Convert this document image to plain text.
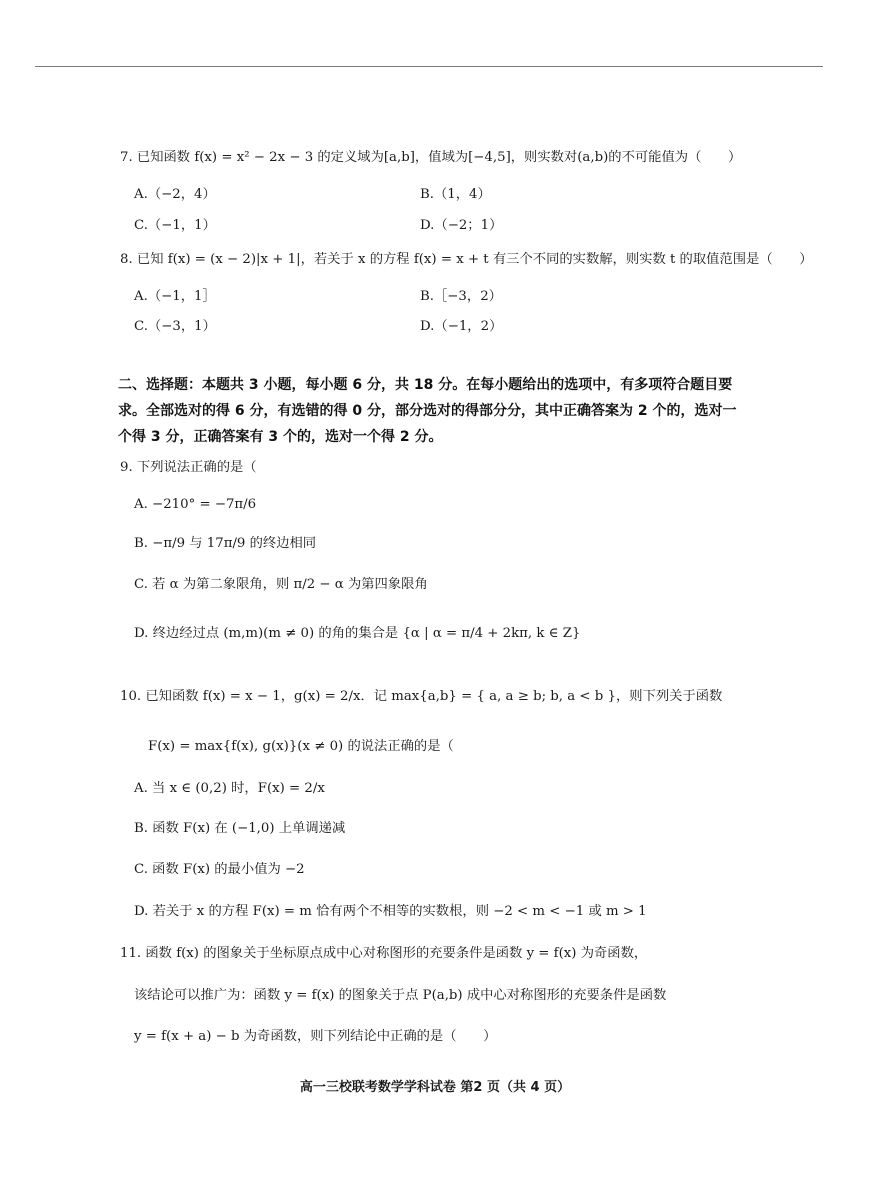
7. 已知函数 f(x) = x² − 2x − 3 的定义域为[a,b]，值域为[−4,5]，则实数对(a,b)的不可能值为（　　）
A.（−2，4）	B.（1，4）
C.（−1，1）	D.（−2；1）
8. 已知 f(x) = (x − 2)|x + 1|，若关于 x 的方程 f(x) = x + t 有三个不同的实数解，则实数 t 的取值范围是（　　）
A.（−1，1］	B.［−3，2）
C.（−3，1）	D.（−1，2）
二、选择题：本题共 3 小题，每小题 6 分，共 18 分。在每小题给出的选项中，有多项符合题目要求。全部选对的得 6 分，有选错的得 0 分，部分选对的得部分分，其中正确答案为 2 个的，选对一个得 3 分，正确答案有 3 个的，选对一个得 2 分。
9. 下列说法正确的是（
A. −210° = −7π/6
B. −π/9 与 17π/9 的终边相同
C. 若 α 为第二象限角，则 π/2 − α 为第四象限角
D. 终边经过点 (m,m)(m ≠ 0) 的角的集合是 {α | α = π/4 + 2kπ, k ∈ Z}
10. 已知函数 f(x) = x − 1，g(x) = 2/x．记 max{a,b} = { a, a ≥ b; b, a < b }，则下列关于函数
F(x) = max{f(x), g(x)}(x ≠ 0) 的说法正确的是（
A. 当 x ∈ (0,2) 时，F(x) = 2/x
B. 函数 F(x) 在 (−1,0) 上单调递减
C. 函数 F(x) 的最小值为 −2
D. 若关于 x 的方程 F(x) = m 恰有两个不相等的实数根，则 −2 < m < −1 或 m > 1
11. 函数 f(x) 的图象关于坐标原点成中心对称图形的充要条件是函数 y = f(x) 为奇函数，
该结论可以推广为：函数 y = f(x) 的图象关于点 P(a,b) 成中心对称图形的充要条件是函数
y = f(x + a) − b 为奇函数，则下列结论中正确的是（　　）
高一三校联考数学学科试卷 第2 页（共 4 页）
